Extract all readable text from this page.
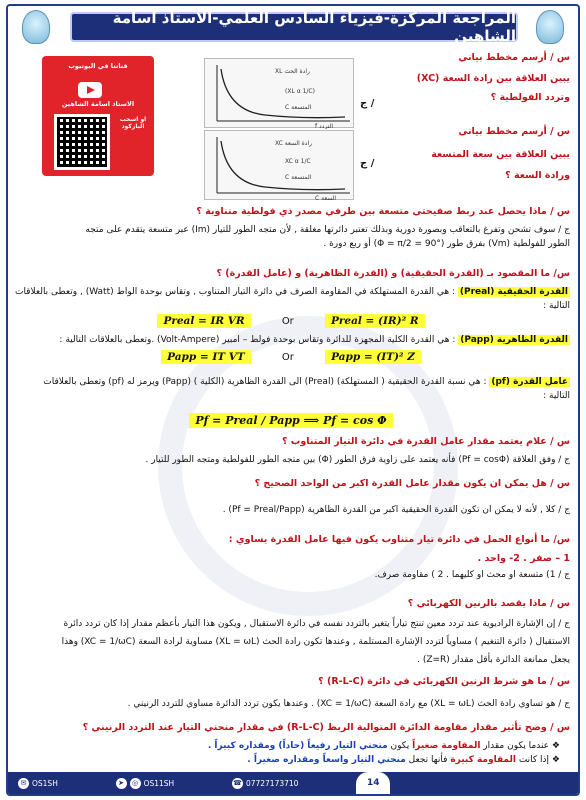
المراجعة المركزة-فيزياء السادس العلمي-الاستاذ اسامة الشاهين
قناتنا في اليوتيوب
الاستاذ اسامة الشاهين
او اسحب الباركود
XL رادة الحث
(XL α 1/C)
C المتسعة
f التردد
XC رادة السعة
XC α 1/C
C المتسعة
C السعة
س / أرسم مخطط بياني
يبين العلاقة بين رادة السعة (XC)
وتردد الفولطية ؟
ج /
س / أرسم مخطط بياني
يبين العلاقة بين سعة المتسعة
ورادة السعة ؟
ج /
س / ماذا يحصل عند ربط صفيحتي متسعة بين طرفي مصدر ذي فولطية متناوبة ؟
ج / سوف تشحن وتفرغ بالتعاقب وبصورة دورية وبذلك تعتبر دائرتها مغلقة , لأن متجه الطور للتيار (Im) عبر متسعة يتقدم على متجه
الطور للفولطية (Vm) بفرق طور (Φ = π/2 = 90°) أو ربع دورة .
س/ ما المقصود بـ (القدرة الحقيقية) و (القدرة الظاهرية) و (عامل القدرة) ؟
القدرة الحقيقية (Preal) : هي القدرة المستهلكة في المقاومة الصرف في دائرة التيار المتناوب , وتقاس بوحدة الواط (Watt) , وتعطى بالعلاقات
التالية :
Preal = IR VR	Or	Preal = (IR)² R
القدرة الظاهرية (Papp) : هي القدرة الكلية المجهزة للدائرة وتقاس بوحدة فولط – امبير (Volt-Ampere) .وتعطى بالعلاقات التالية :
Papp = IT VT	Or	Papp = (IT)² Z
عامل القدرة (pf) : هي نسبة القدرة الحقيقية ( المستهلكة) (Preal) الى القدرة الظاهرية (الكلية ) (Papp) ويرمز له (pf) وتعطى بالعلاقات
التالية :
Pf = Preal / Papp ⟹ Pf = cos Φ
س / علام يعتمد مقدار عامل القدرة في دائرة التيار المتناوب ؟
ج / وفق العلاقة (Pf = cosΦ) فأنه يعتمد على زاوية فرق الطور (Φ) بين متجه الطور للفولطية ومتجه الطور للتيار .
س / هل يمكن ان يكون مقدار عامل القدرة اكبر من الواحد الصحيح ؟
ج / كلا , لأنه لا يمكن ان تكون القدرة الحقيقية اكبر من القدرة الظاهرية (Pf = Preal/Papp) .
س/ ما أنواع الحمل في دائرة تيار متناوب يكون فيها عامل القدرة يساوي :
1 – صفر . 2- واحد .
ج / 1) متسعة او محث او كليهما . 2 ) مقاومة صرف.
س / ماذا يقصد بالرنين الكهربائي ؟
ج / إن الإشارة الراديوية عند تردد معين تنتج تياراً يتغير بالتردد نفسه في دائرة الاستقبال , ويكون هذا التيار بأعظم مقدار إذا كان تردد دائرة
الاستقبال ( دائرة التنغيم ) مساوياً لتردد الإشارة المستلمة , وعندها تكون رادة الحث (XL = ωL) مساوية لرادة السعة (XC = 1/ωC) وهذا
يجعل ممانعة الدائرة بأقل مقدار (Z=R) .
س / ما هو شرط الرنين الكهربائي في دائرة (R-L-C) ؟
ج / هو تساوي رادة الحث (XL = ωL) مع رادة السعة (XC = 1/ωC) . وعندها يكون تردد الدائرة مساوي للتردد الرنيني .
س / وضح تأثير مقدار مقاومة الدائرة المتوالية الربط (R-L-C) في مقدار منحني التيار عند التردد الرنيني ؟
❖ عندما يكون مقدار المقاومة صغيراً يكون منحني التيار رفيعاً (حاداً) ومقداره كبيراً .
❖ إذا كانت المقاومة كبيرة فأنها تجعل منحني التيار واسعاً ومقداره صغيراً .
✉ OS1SH	➤	◎ OS11SH	☎ 07727173710	14
